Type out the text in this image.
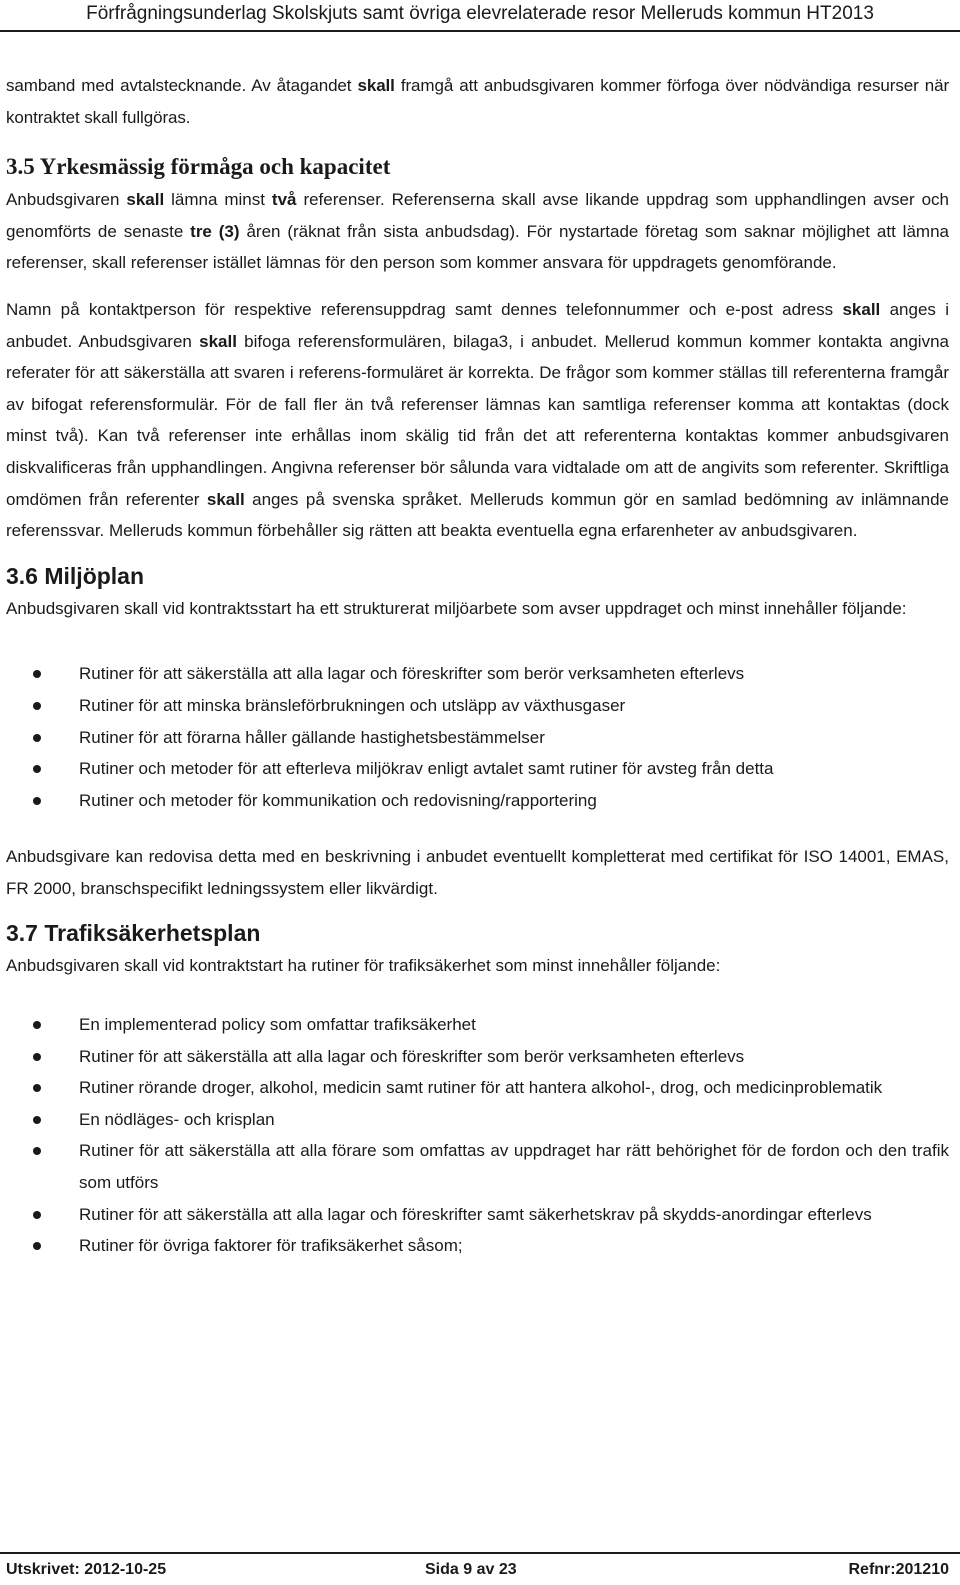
Förfrågningsunderlag Skolskjuts samt övriga elevrelaterade resor Melleruds kommun HT2013

samband med avtalstecknande. Av åtagandet skall framgå att anbudsgivaren kommer förfoga över nödvändiga resurser när kontraktet skall fullgöras.

3.5 Yrkesmässig förmåga och kapacitet

Anbudsgivaren skall lämna minst två referenser. Referenserna skall avse likande uppdrag som upphandlingen avser och genomförts de senaste tre (3) åren (räknat från sista anbudsdag). För nystartade företag som saknar möjlighet att lämna referenser, skall referenser istället lämnas för den person som kommer ansvara för uppdragets genomförande.

Namn på kontaktperson för respektive referensuppdrag samt dennes telefonnummer och e-post adress skall anges i anbudet. Anbudsgivaren skall bifoga referensformulären, bilaga3, i anbudet. Mellerud kommun kommer kontakta angivna referater för att säkerställa att svaren i referens-formuläret är korrekta. De frågor som kommer ställas till referenterna framgår av bifogat referensformulär. För de fall fler än två referenser lämnas kan samtliga referenser komma att kontaktas (dock minst två). Kan två referenser inte erhållas inom skälig tid från det att referenterna kontaktas kommer anbudsgivaren diskvalificeras från upphandlingen. Angivna referenser bör sålunda vara vidtalade om att de angivits som referenter. Skriftliga omdömen från referenter skall anges på svenska språket. Melleruds kommun gör en samlad bedömning av inlämnande referenssvar. Melleruds kommun förbehåller sig rätten att beakta eventuella egna erfarenheter av anbudsgivaren.

3.6 Miljöplan

Anbudsgivaren skall vid kontraktsstart ha ett strukturerat miljöarbete som avser uppdraget och minst innehåller följande:

Rutiner för att säkerställa att alla lagar och föreskrifter som berör verksamheten efterlevs
Rutiner för att minska bränsleförbrukningen och utsläpp av växthusgaser
Rutiner för att förarna håller gällande hastighetsbestämmelser
Rutiner och metoder för att efterleva miljökrav enligt avtalet samt rutiner för avsteg från detta
Rutiner och metoder för kommunikation och redovisning/rapportering

Anbudsgivare kan redovisa detta med en beskrivning i anbudet eventuellt kompletterat med certifikat för ISO 14001, EMAS, FR 2000, branschspecifikt ledningssystem eller likvärdigt.

3.7 Trafiksäkerhetsplan

Anbudsgivaren skall vid kontraktstart ha rutiner för trafiksäkerhet som minst innehåller följande:

En implementerad policy som omfattar trafiksäkerhet
Rutiner för att säkerställa att alla lagar och föreskrifter som berör verksamheten efterlevs
Rutiner rörande droger, alkohol, medicin samt rutiner för att hantera alkohol-, drog, och medicinproblematik
En nödläges- och krisplan
Rutiner för att säkerställa att alla förare som omfattas av uppdraget har rätt behörighet för de fordon och den trafik som utförs
Rutiner för att säkerställa att alla lagar och föreskrifter samt säkerhetskrav på skydds-anordingar efterlevs
Rutiner för övriga faktorer för trafiksäkerhet såsom;
Utskrivet: 2012-10-25	Sida 9 av 23	Refnr:201210
